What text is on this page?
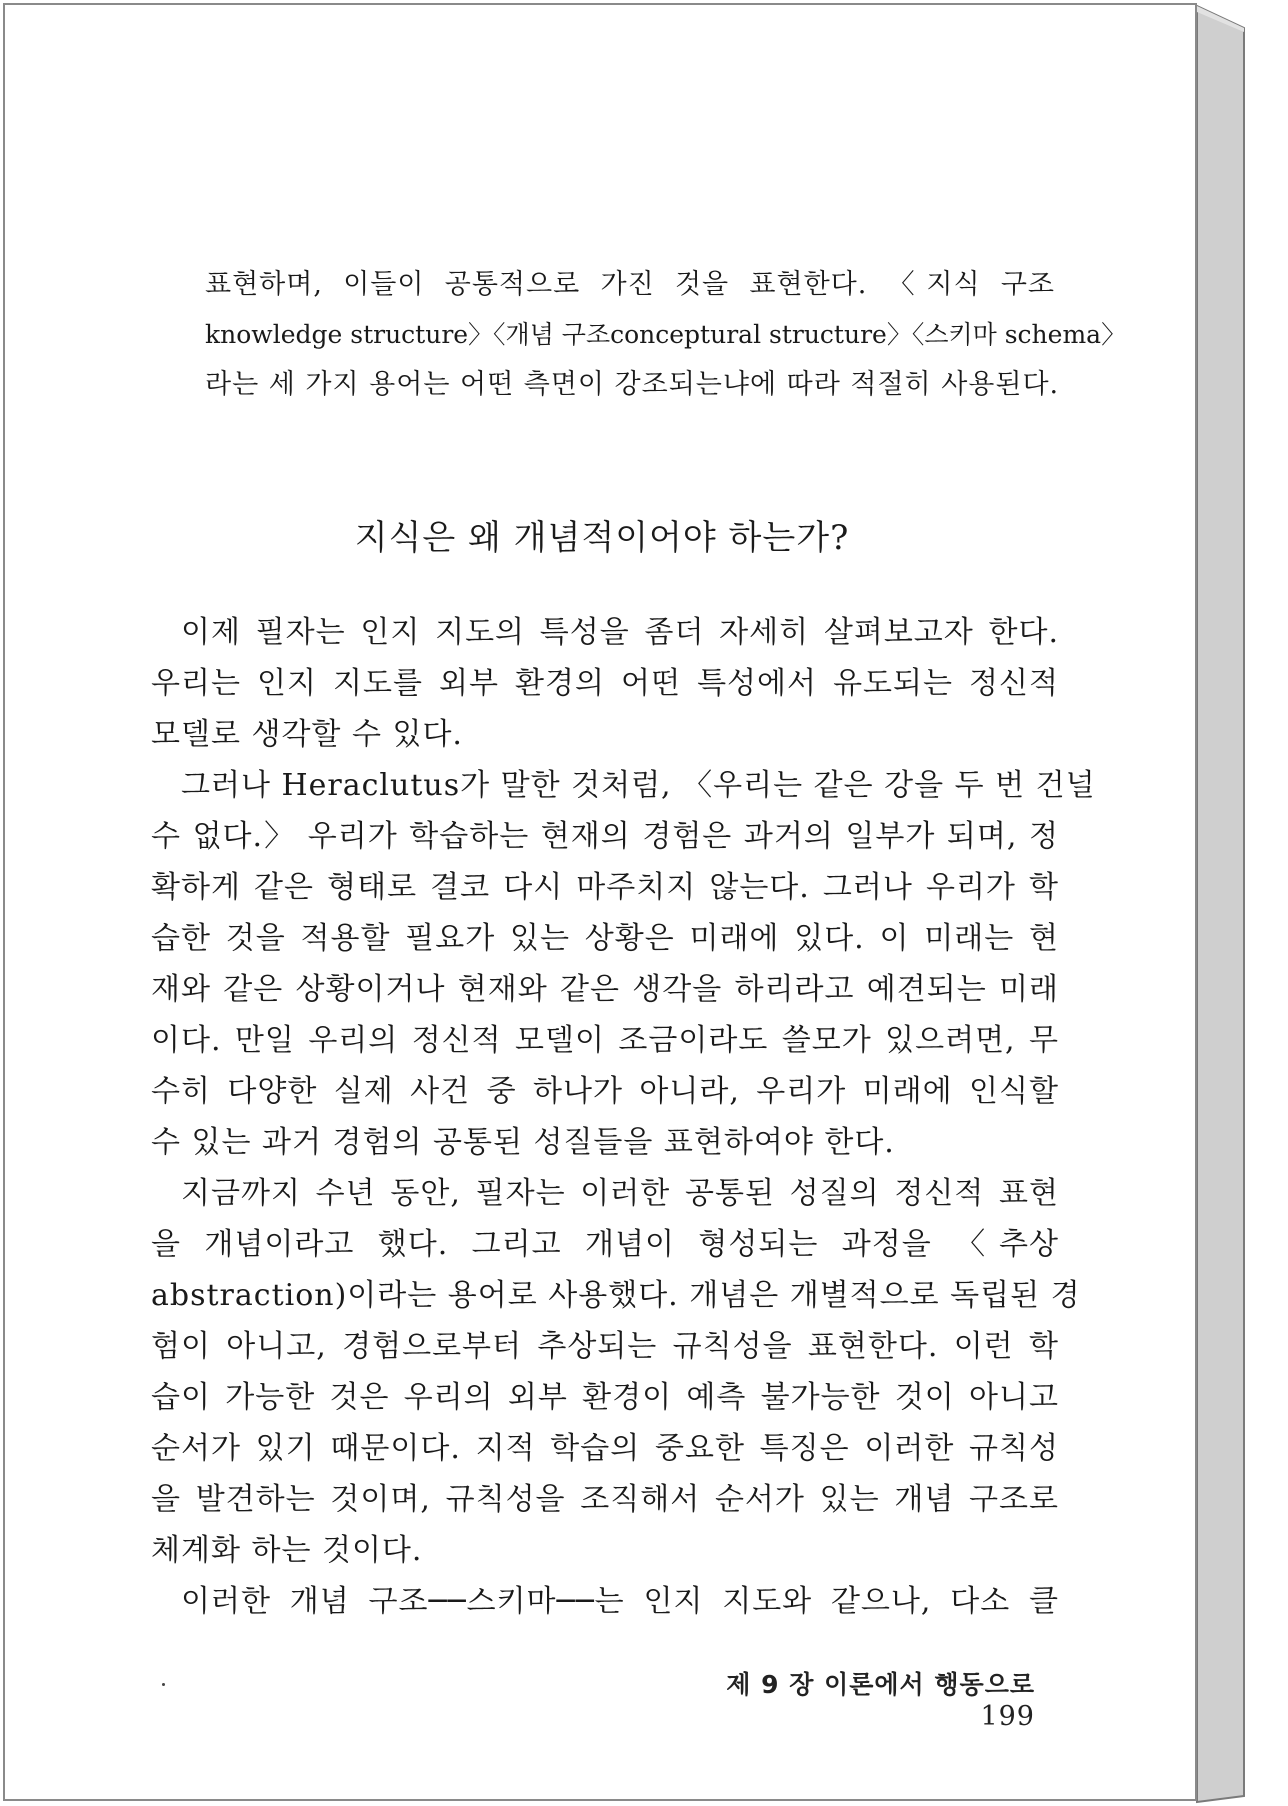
표현하며, 이들이 공통적으로 가진 것을 표현한다. 〈지식 구조
knowledge structure〉〈개념 구조conceptural structure〉〈스키마 schema〉
라는 세 가지 용어는 어떤 측면이 강조되는냐에 따라 적절히 사용된다.
지식은 왜 개념적이어야 하는가?
이제 필자는 인지 지도의 특성을 좀더 자세히 살펴보고자 한다.
우리는 인지 지도를 외부 환경의 어떤 특성에서 유도되는 정신적
모델로 생각할 수 있다.
그러나 Heraclutus가 말한 것처럼, 〈우리는 같은 강을 두 번 건널
수 없다.〉 우리가 학습하는 현재의 경험은 과거의 일부가 되며, 정
확하게 같은 형태로 결코 다시 마주치지 않는다. 그러나 우리가 학
습한 것을 적용할 필요가 있는 상황은 미래에 있다. 이 미래는 현
재와 같은 상황이거나 현재와 같은 생각을 하리라고 예견되는 미래
이다. 만일 우리의 정신적 모델이 조금이라도 쓸모가 있으려면, 무
수히 다양한 실제 사건 중 하나가 아니라, 우리가 미래에 인식할
수 있는 과거 경험의 공통된 성질들을 표현하여야 한다.
지금까지 수년 동안, 필자는 이러한 공통된 성질의 정신적 표현
을 개념이라고 했다. 그리고 개념이 형성되는 과정을 〈추상
abstraction)이라는 용어로 사용했다. 개념은 개별적으로 독립된 경
험이 아니고, 경험으로부터 추상되는 규칙성을 표현한다. 이런 학
습이 가능한 것은 우리의 외부 환경이 예측 불가능한 것이 아니고
순서가 있기 때문이다. 지적 학습의 중요한 특징은 이러한 규칙성
을 발견하는 것이며, 규칙성을 조직해서 순서가 있는 개념 구조로
체계화 하는 것이다.
이러한 개념 구조──스키마──는 인지 지도와 같으나, 다소 클
제 9 장 이론에서 행동으로199
